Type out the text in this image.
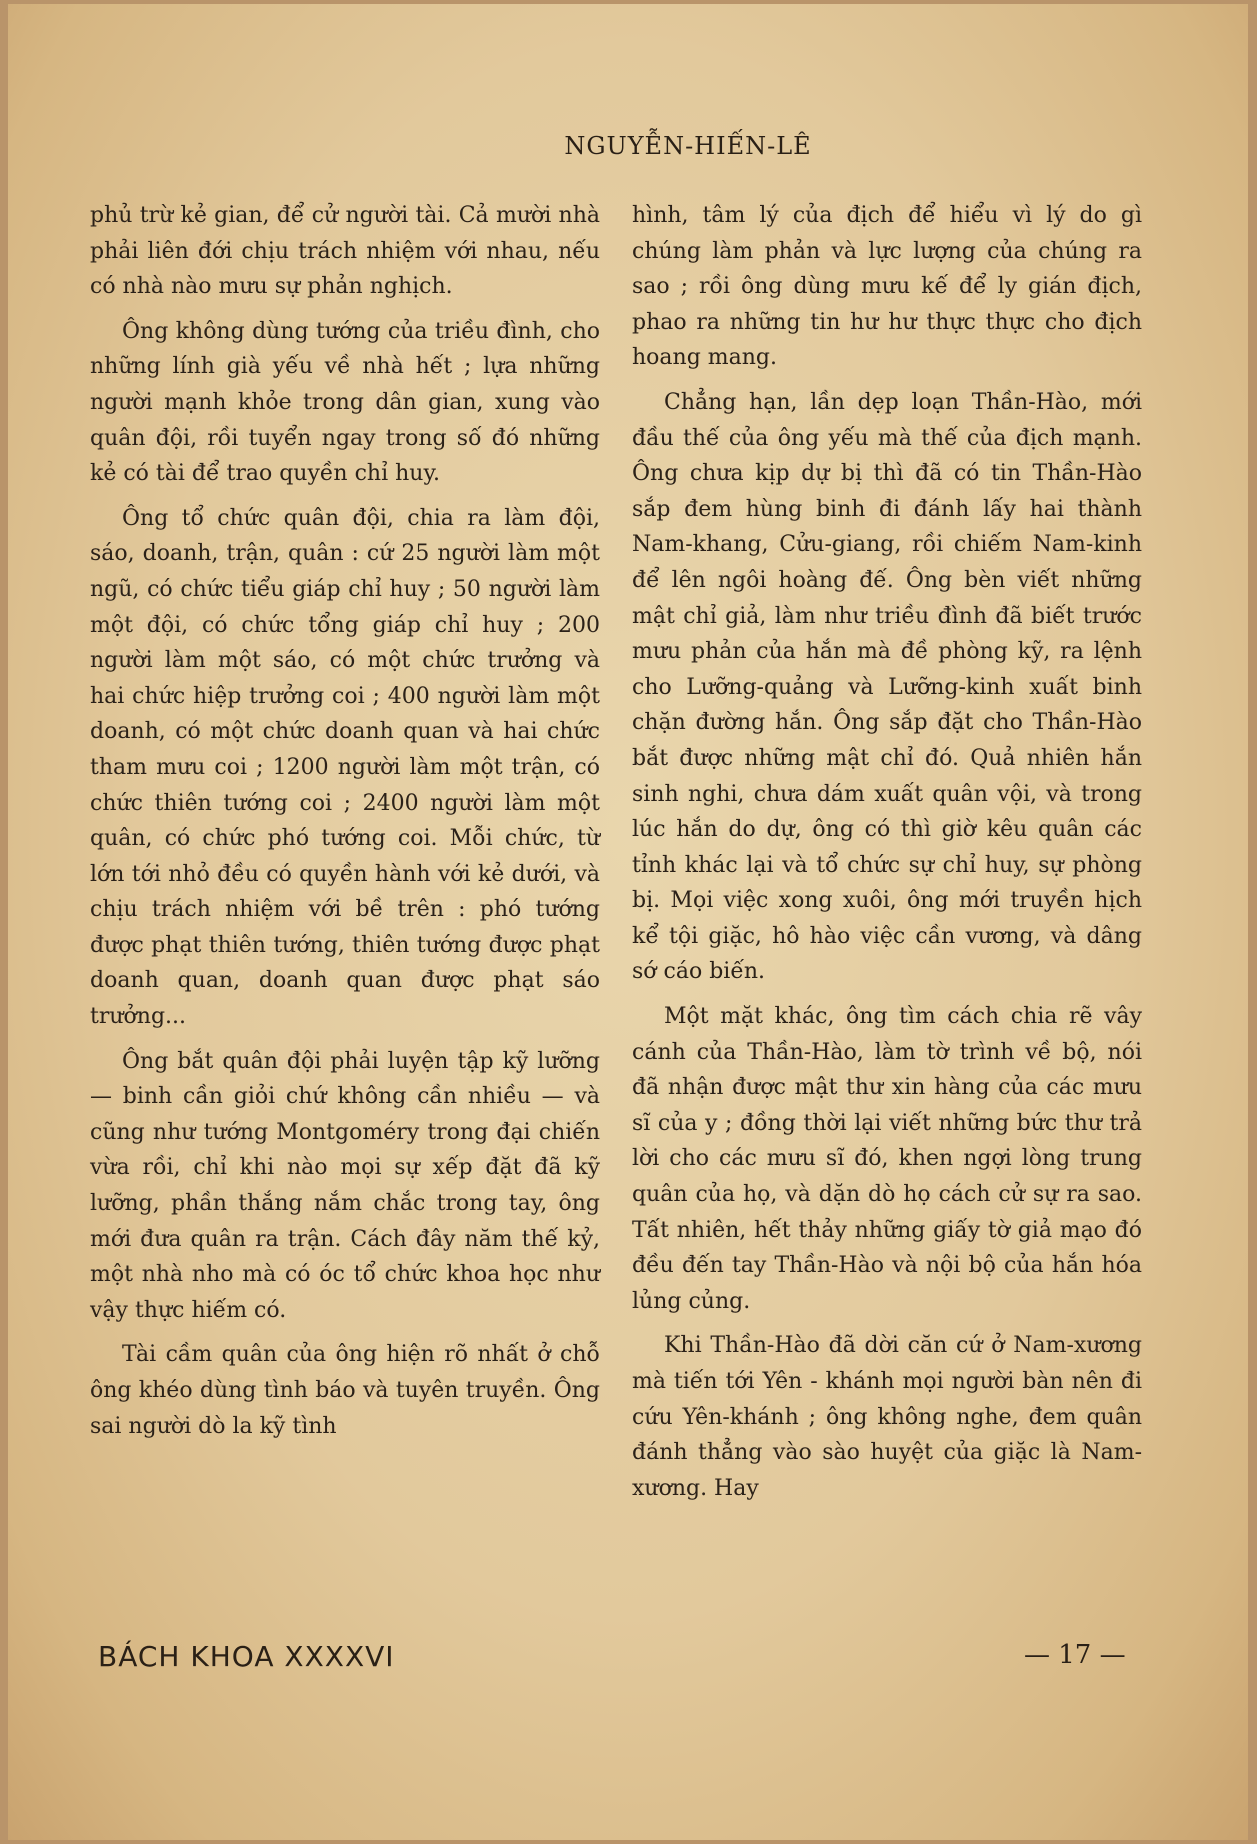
NGUYỄN-HIẾN-LÊ

phủ trừ kẻ gian, để cử người tài. Cả mười nhà phải liên đới chịu trách nhiệm với nhau, nếu có nhà nào mưu sự phản nghịch.

Ông không dùng tướng của triều đình, cho những lính già yếu về nhà hết ; lựa những người mạnh khỏe trong dân gian, xung vào quân đội, rồi tuyển ngay trong số đó những kẻ có tài để trao quyền chỉ huy.

Ông tổ chức quân đội, chia ra làm đội, sáo, doanh, trận, quân : cứ 25 người làm một ngũ, có chức tiểu giáp chỉ huy ; 50 người làm một đội, có chức tổng giáp chỉ huy ; 200 người làm một sáo, có một chức trưởng và hai chức hiệp trưởng coi ; 400 người làm một doanh, có một chức doanh quan và hai chức tham mưu coi ; 1200 người làm một trận, có chức thiên tướng coi ; 2400 người làm một quân, có chức phó tướng coi. Mỗi chức, từ lớn tới nhỏ đều có quyền hành với kẻ dưới, và chịu trách nhiệm với bề trên : phó tướng được phạt thiên tướng, thiên tướng được phạt doanh quan, doanh quan được phạt sáo trưởng...

Ông bắt quân đội phải luyện tập kỹ lưỡng — binh cần giỏi chứ không cần nhiều — và cũng như tướng Montgoméry trong đại chiến vừa rồi, chỉ khi nào mọi sự xếp đặt đã kỹ lưỡng, phần thắng nắm chắc trong tay, ông mới đưa quân ra trận. Cách đây năm thế kỷ, một nhà nho mà có óc tổ chức khoa học như vậy thực hiếm có.

Tài cầm quân của ông hiện rõ nhất ở chỗ ông khéo dùng tình báo và tuyên truyền. Ông sai người dò la kỹ tình

hình, tâm lý của địch để hiểu vì lý do gì chúng làm phản và lực lượng của chúng ra sao ; rồi ông dùng mưu kế để ly gián địch, phao ra những tin hư hư thực thực cho địch hoang mang.

Chẳng hạn, lần dẹp loạn Thần-Hào, mới đầu thế của ông yếu mà thế của địch mạnh. Ông chưa kịp dự bị thì đã có tin Thần-Hào sắp đem hùng binh đi đánh lấy hai thành Nam-khang, Cửu-giang, rồi chiếm Nam-kinh để lên ngôi hoàng đế. Ông bèn viết những mật chỉ giả, làm như triều đình đã biết trước mưu phản của hắn mà đề phòng kỹ, ra lệnh cho Lưỡng-quảng và Lưỡng-kinh xuất binh chặn đường hắn. Ông sắp đặt cho Thần-Hào bắt được những mật chỉ đó. Quả nhiên hắn sinh nghi, chưa dám xuất quân vội, và trong lúc hắn do dự, ông có thì giờ kêu quân các tỉnh khác lại và tổ chức sự chỉ huy, sự phòng bị. Mọi việc xong xuôi, ông mới truyền hịch kể tội giặc, hô hào việc cần vương, và dâng sớ cáo biến.

Một mặt khác, ông tìm cách chia rẽ vây cánh của Thần-Hào, làm tờ trình về bộ, nói đã nhận được mật thư xin hàng của các mưu sĩ của y ; đồng thời lại viết những bức thư trả lời cho các mưu sĩ đó, khen ngợi lòng trung quân của họ, và dặn dò họ cách cử sự ra sao. Tất nhiên, hết thảy những giấy tờ giả mạo đó đều đến tay Thần-Hào và nội bộ của hắn hóa lủng củng.

Khi Thần-Hào đã dời căn cứ ở Nam-xương mà tiến tới Yên - khánh mọi người bàn nên đi cứu Yên-khánh ; ông không nghe, đem quân đánh thẳng vào sào huyệt của giặc là Nam-xương. Hay

BÁCH KHOA XXXXVI	— 17 —
